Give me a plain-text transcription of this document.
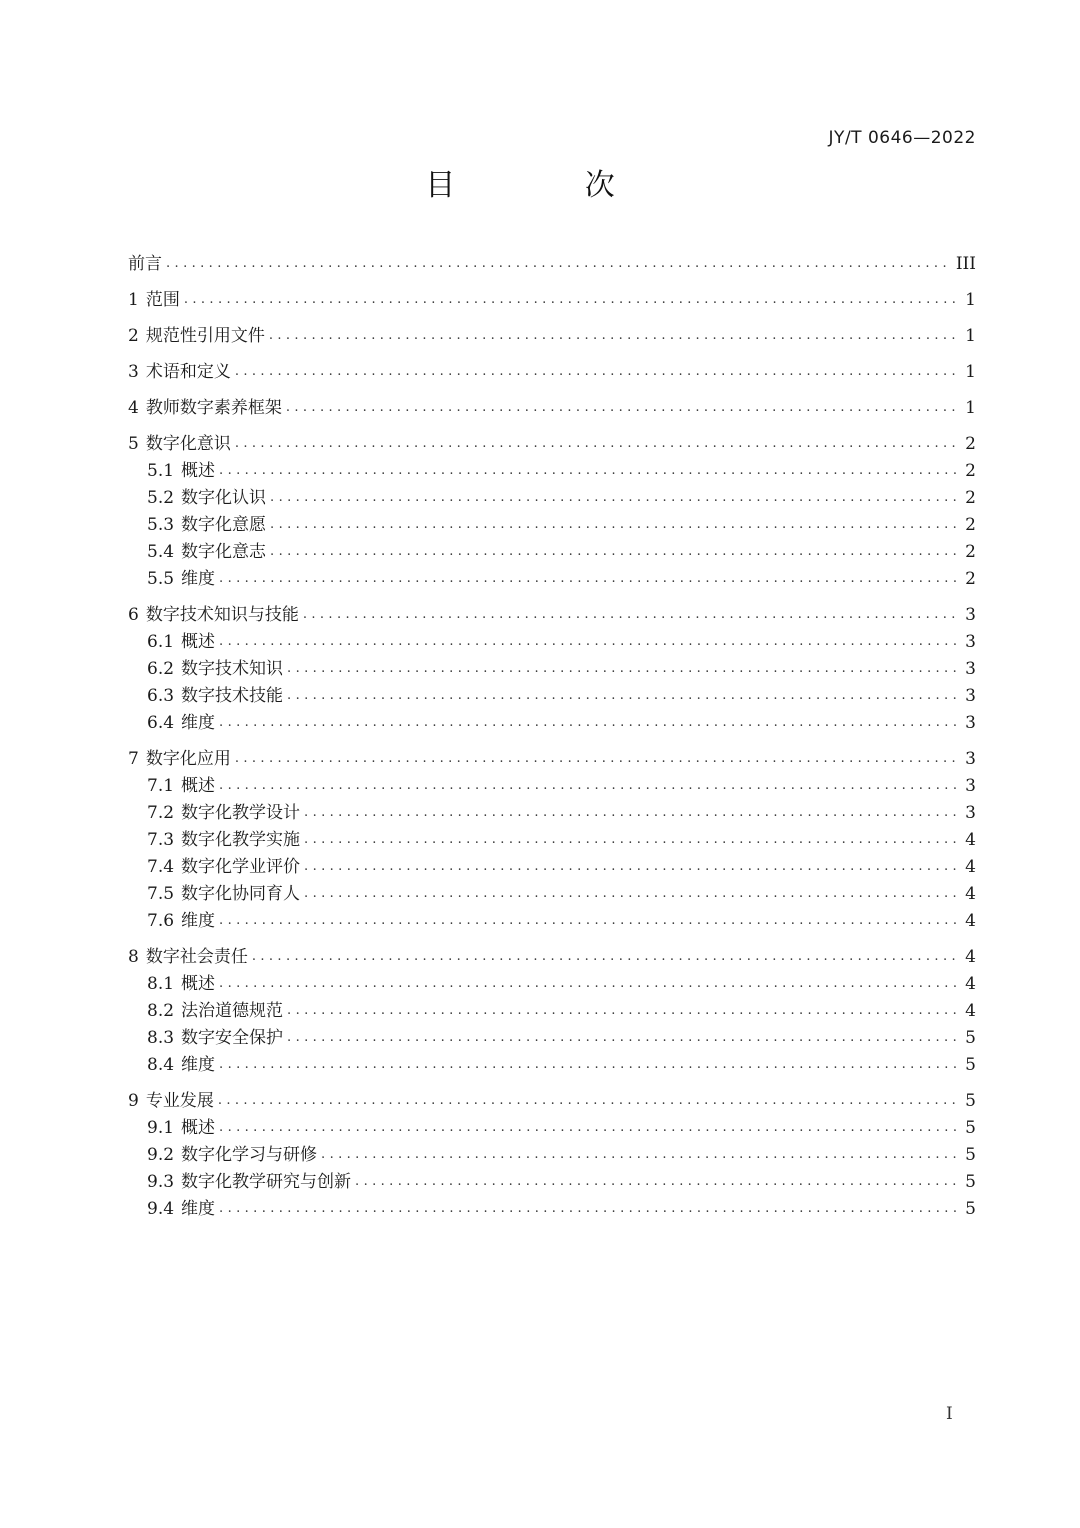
JY/T 0646—2022
目 次
前言 .....	III
1 范围 .....	1
2 规范性引用文件 .....	1
3 术语和定义 .....	1
4 教师数字素养框架 .....	1
5 数字化意识 .....	2
5.1 概述 .....	2
5.2 数字化认识 .....	2
5.3 数字化意愿 .....	2
5.4 数字化意志 .....	2
5.5 维度 .....	2
6 数字技术知识与技能 .....	3
6.1 概述 .....	3
6.2 数字技术知识 .....	3
6.3 数字技术技能 .....	3
6.4 维度 .....	3
7 数字化应用 .....	3
7.1 概述 .....	3
7.2 数字化教学设计 .....	3
7.3 数字化教学实施 .....	4
7.4 数字化学业评价 .....	4
7.5 数字化协同育人 .....	4
7.6 维度 .....	4
8 数字社会责任 .....	4
8.1 概述 .....	4
8.2 法治道德规范 .....	4
8.3 数字安全保护 .....	5
8.4 维度 .....	5
9 专业发展 .....	5
9.1 概述 .....	5
9.2 数字化学习与研修 .....	5
9.3 数字化教学研究与创新 .....	5
9.4 维度 .....	5
I
